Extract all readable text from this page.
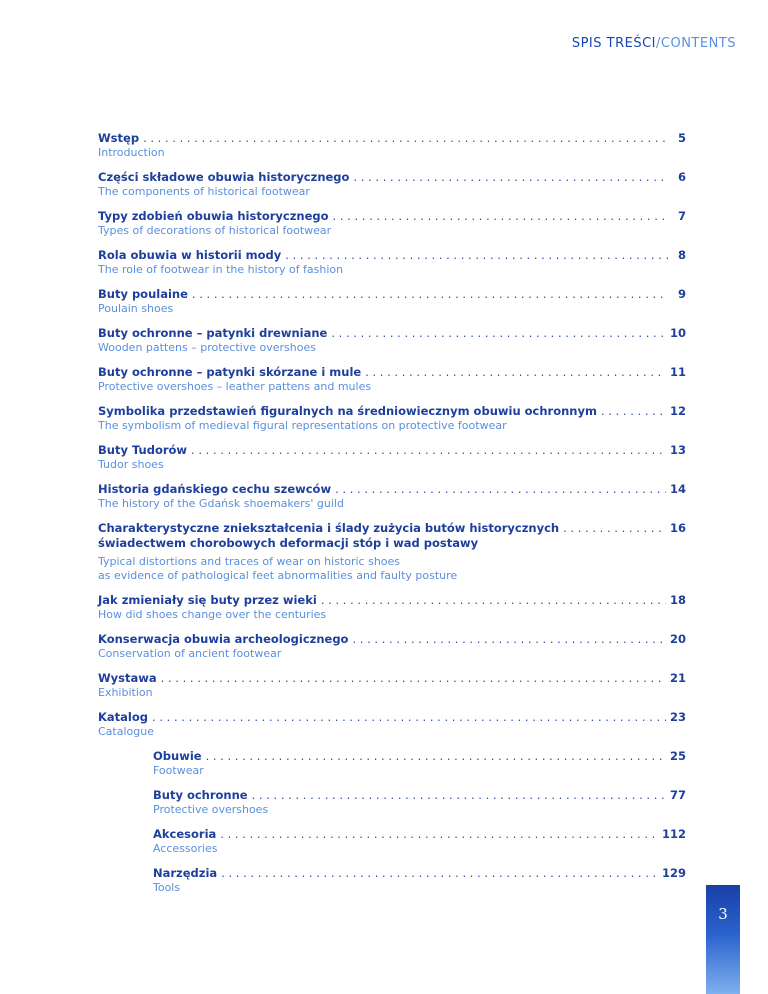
SPIS TREŚCI/CONTENTS
Wstęp . . .	5
Introduction
Części składowe obuwia historycznego . . .	6
The components of historical footwear
Typy zdobień obuwia historycznego . . .	7
Types of decorations of historical footwear
Rola obuwia w historii mody . . .	8
The role of footwear in the history of fashion
Buty poulaine . . .	9
Poulain shoes
Buty ochronne – patynki drewniane . . .	10
Wooden pattens – protective overshoes
Buty ochronne – patynki skórzane i mule . . .	11
Protective overshoes – leather pattens and mules
Symbolika przedstawień figuralnych na średniowiecznym obuwiu ochronnym . . .	12
The symbolism of medieval figural representations on protective footwear
Buty Tudorów . . .	13
Tudor shoes
Historia gdańskiego cechu szewców . . .	14
The history of the Gdańsk shoemakers' guild
Charakterystyczne zniekształcenia i ślady zużycia butów historycznych . . .	16
świadectwem chorobowych deformacji stóp i wad postawy
Typical distortions and traces of wear on historic shoes
as evidence of pathological feet abnormalities and faulty posture
Jak zmieniały się buty przez wieki . . .	18
How did shoes change over the centuries
Konserwacja obuwia archeologicznego . . .	20
Conservation of ancient footwear
Wystawa . . .	21
Exhibition
Katalog . . .	23
Catalogue
Obuwie . . .	25
Footwear
Buty ochronne . . .	77
Protective overshoes
Akcesoria . . .	112
Accessories
Narzędzia . . .	129
Tools
3
